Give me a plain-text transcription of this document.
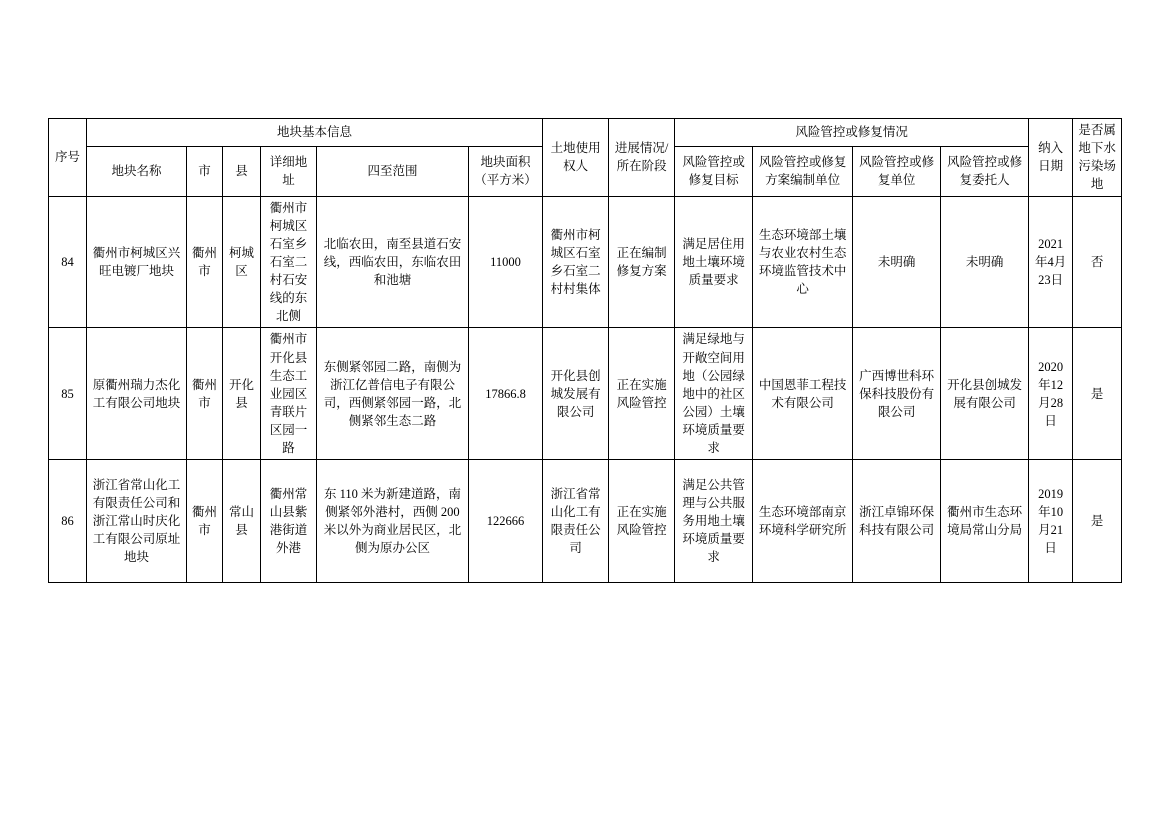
序号	地块基本信息						土地使用权人	进展情况/所在阶段	风险管控或修复情况				纳入日期	是否属地下水污染场地
	地块名称	市	县	详细地址	四至范围	地块面积（平方米）			风险管控或修复目标	风险管控或修复方案编制单位	风险管控或修复单位	风险管控或修复委托人		
84	衢州市柯城区兴旺电镀厂地块	衢州市	柯城区	衢州市柯城区石室乡石室二村石安线的东北侧	北临农田，南至县道石安线，西临农田，东临农田和池塘	11000	衢州市柯城区石室乡石室二村村集体	正在编制修复方案	满足居住用地土壤环境质量要求	生态环境部土壤与农业农村生态环境监管技术中心	未明确	未明确	2021年4月23日	否
85	原衢州瑞力杰化工有限公司地块	衢州市	开化县	衢州市开化县生态工业园区青联片区园一路	东侧紧邻园二路，南侧为浙江亿普信电子有限公司，西侧紧邻园一路，北侧紧邻生态二路	17866.8	开化县创城发展有限公司	正在实施风险管控	满足绿地与开敞空间用地（公园绿地中的社区公园）土壤环境质量要求	中国恩菲工程技术有限公司	广西博世科环保科技股份有限公司	开化县创城发展有限公司	2020年12月28日	是
86	浙江省常山化工有限责任公司和浙江常山时庆化工有限公司原址地块	衢州市	常山县	衢州常山县紫港街道外港	东 110 米为新建道路，南侧紧邻外港村，西侧 200 米以外为商业居民区，北侧为原办公区	122666	浙江省常山化工有限责任公司	正在实施风险管控	满足公共管理与公共服务用地土壤环境质量要求	生态环境部南京环境科学研究所	浙江卓锦环保科技有限公司	衢州市生态环境局常山分局	2019年10月21日	是
